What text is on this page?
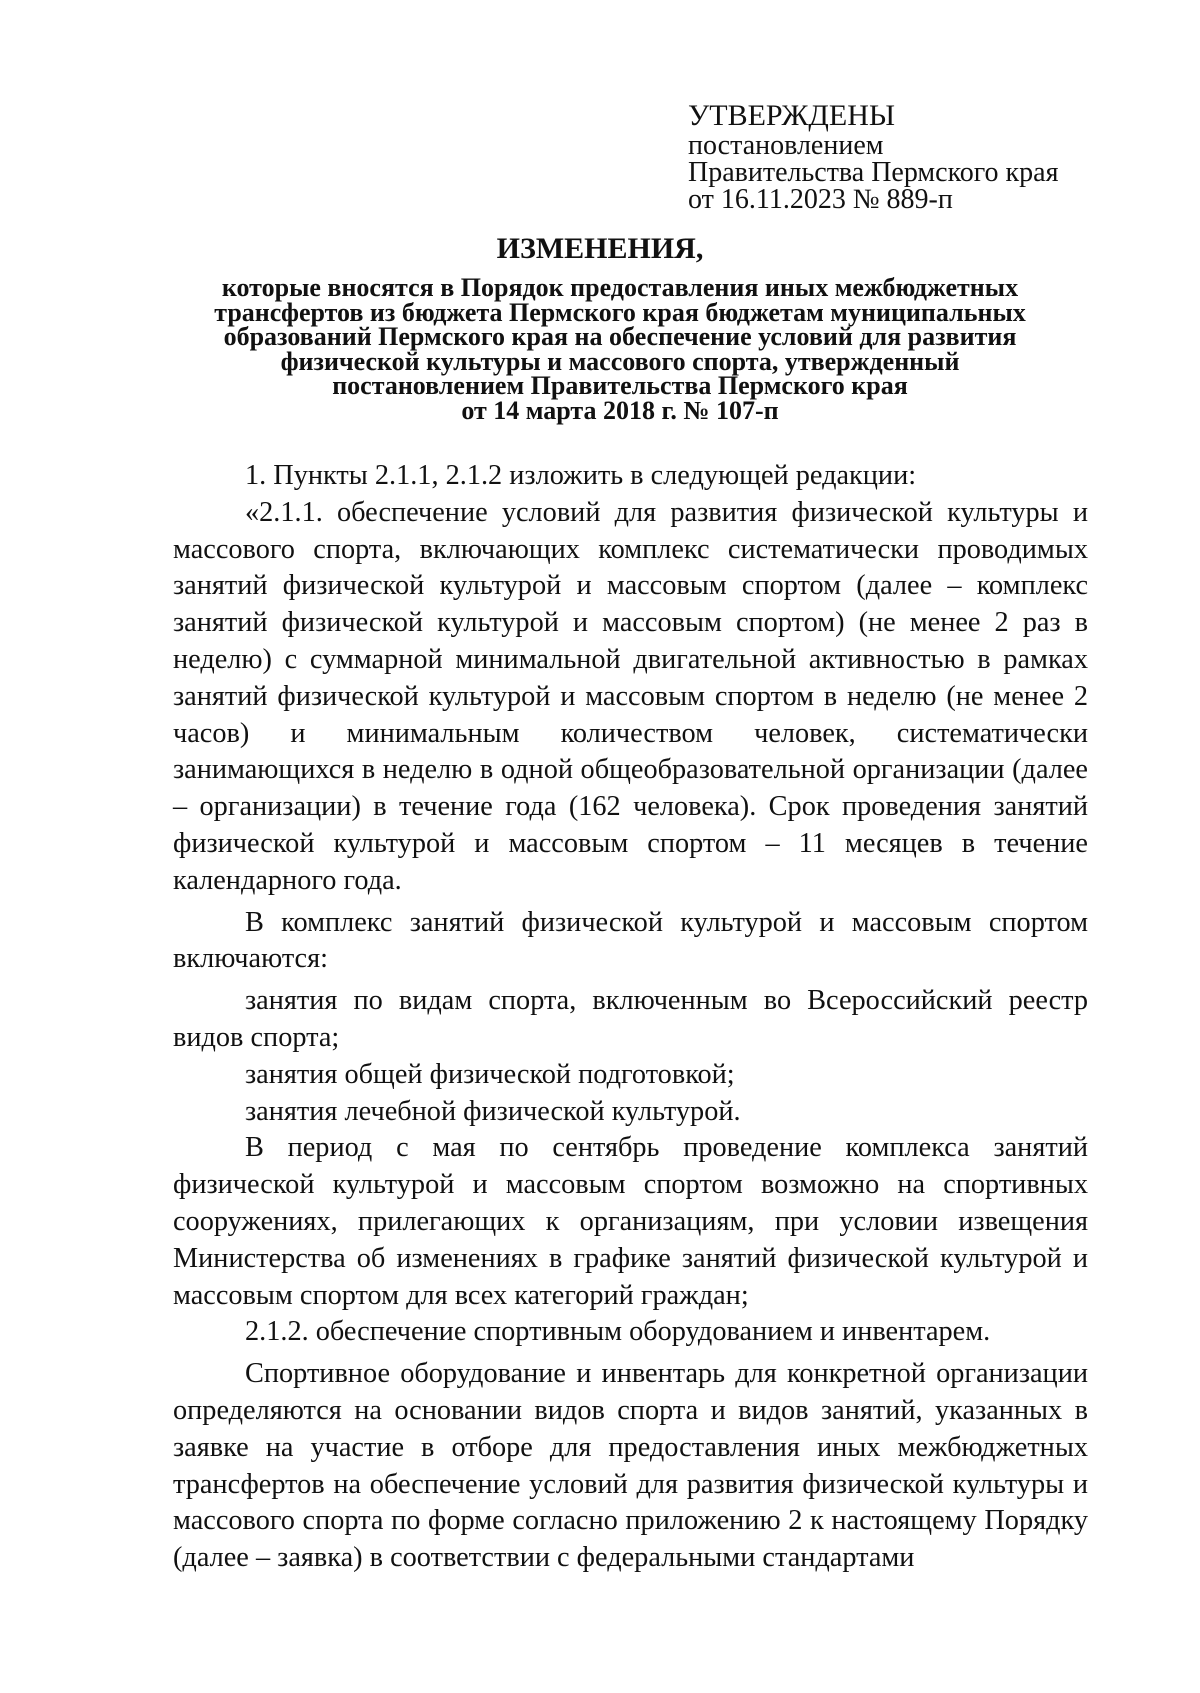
УТВЕРЖДЕНЫ
постановлением
Правительства Пермского края
от 16.11.2023 № 889-п
ИЗМЕНЕНИЯ,
которые вносятся в Порядок предоставления иных межбюджетных
трансфертов из бюджета Пермского края бюджетам муниципальных
образований Пермского края на обеспечение условий для развития
физической культуры и массового спорта, утвержденный
постановлением Правительства Пермского края
от 14 марта 2018 г. № 107-п

1. Пункты 2.1.1, 2.1.2 изложить в следующей редакции:

«2.1.1. обеспечение условий для развития физической культуры и массового спорта, включающих комплекс систематически проводимых занятий физической культурой и массовым спортом (далее – комплекс занятий физической культурой и массовым спортом) (не менее 2 раз в неделю) с суммарной минимальной двигательной активностью в рамках занятий физической культурой и массовым спортом в неделю (не менее 2 часов) и минимальным количеством человек, систематически занимающихся в неделю в одной общеобразовательной организации (далее – организации) в течение года (162 человека). Срок проведения занятий физической культурой и массовым спортом – 11 месяцев в течение календарного года.

В комплекс занятий физической культурой и массовым спортом включаются:

занятия по видам спорта, включенным во Всероссийский реестр видов спорта;

занятия общей физической подготовкой;

занятия лечебной физической культурой.

В период с мая по сентябрь проведение комплекса занятий физической культурой и массовым спортом возможно на спортивных сооружениях, прилегающих к организациям, при условии извещения Министерства об изменениях в графике занятий физической культурой и массовым спортом для всех категорий граждан;

2.1.2. обеспечение спортивным оборудованием и инвентарем.

Спортивное оборудование и инвентарь для конкретной организации определяются на основании видов спорта и видов занятий, указанных в заявке на участие в отборе для предоставления иных межбюджетных трансфертов на обеспечение условий для развития физической культуры и массового спорта по форме согласно приложению 2 к настоящему Порядку (далее – заявка) в соответствии с федеральными стандартами
